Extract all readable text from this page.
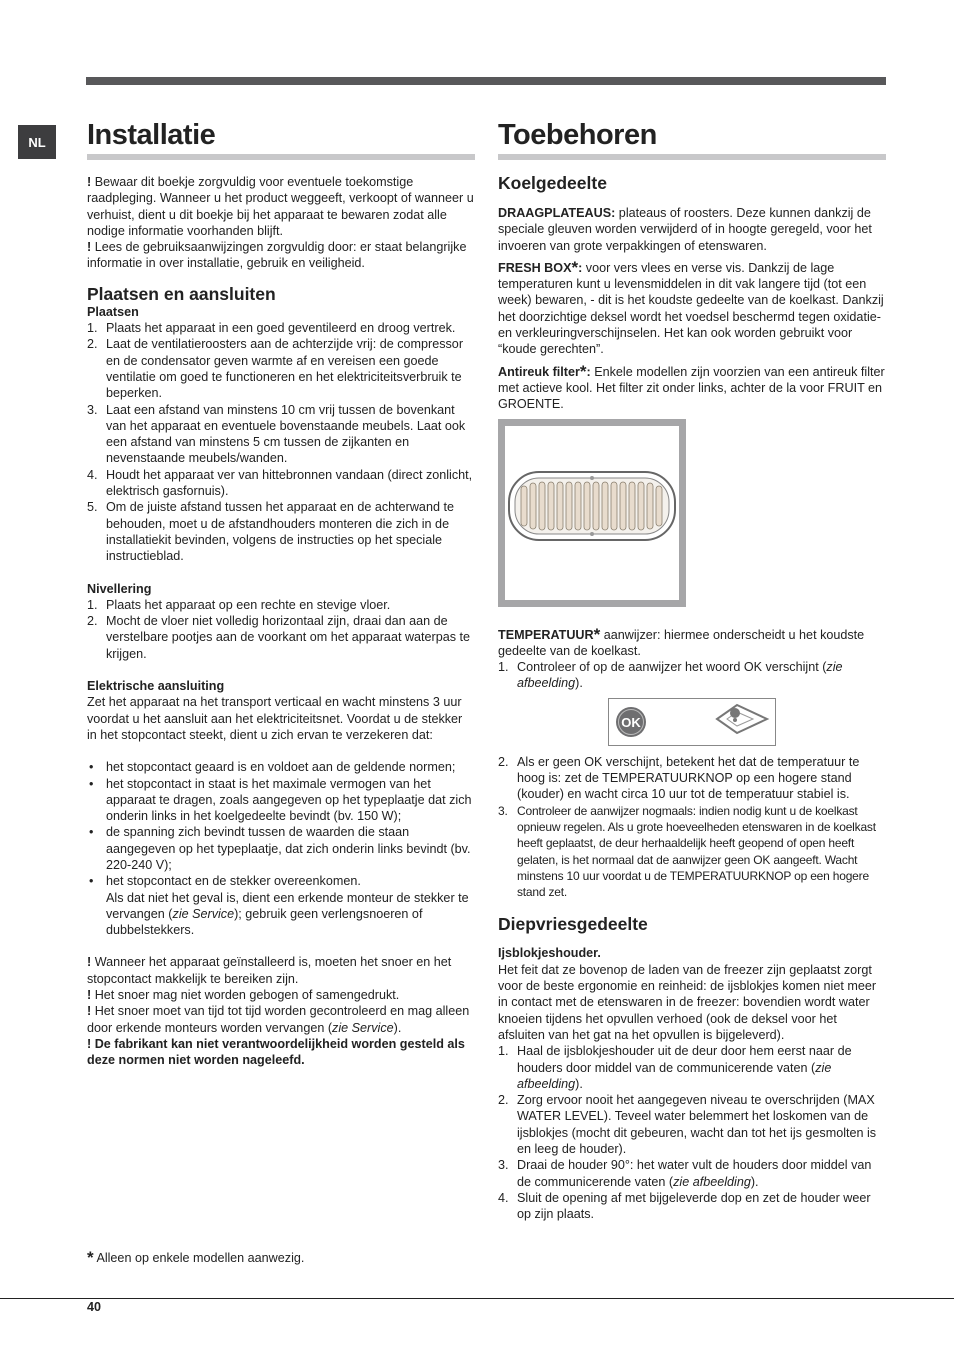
NL	Installatie

! Bewaar dit boekje zorgvuldig voor eventuele toekomstige raadpleging. Wanneer u het product weggeeft, verkoopt of wanneer u verhuist, dient u dit boekje bij het apparaat te bewaren zodat alle nodige informatie voorhanden blijft.

! Lees de gebruiksaanwijzingen zorgvuldig door: er staat belangrijke informatie in over installatie, gebruik en veiligheid.

Plaatsen en aansluiten
Plaatsen
1. Plaats het apparaat in een goed geventileerd en droog vertrek.
2. Laat de ventilatieroosters aan de achterzijde vrij: de compressor en de condensator geven warmte af en vereisen een goede ventilatie om goed te functioneren en het elektriciteitsverbruik te beperken.
3. Laat een afstand van minstens 10 cm vrij tussen de bovenkant van het apparaat en eventuele bovenstaande meubels. Laat ook een afstand van minstens 5 cm tussen de zijkanten en nevenstaande meubels/wanden.
4. Houdt het apparaat ver van hittebronnen vandaan (direct zonlicht, elektrisch gasfornuis).
5. Om de juiste afstand tussen het apparaat en de achterwand te behouden, moet u de afstandhouders monteren die zich in de installatiekit bevinden, volgens de instructies op het speciale instructieblad.
Nivellering
1. Plaats het apparaat op een rechte en stevige vloer.
2. Mocht de vloer niet volledig horizontaal zijn, draai dan aan de verstelbare pootjes aan de voorkant om het apparaat waterpas te krijgen.
Elektrische aansluiting

Zet het apparaat na het transport verticaal en wacht minstens 3 uur voordat u het aansluit aan het elektriciteitsnet. Voordat u de stekker in het stopcontact steekt, dient u zich ervan te verzekeren dat:

• het stopcontact geaard is en voldoet aan de geldende normen;
• het stopcontact in staat is het maximale vermogen van het apparaat te dragen, zoals aangegeven op het typeplaatje dat zich onderin links in het koelgedeelte bevindt (bv. 150 W);
• de spanning zich bevindt tussen de waarden die staan aangegeven op het typeplaatje, dat zich onderin links bevindt (bv. 220-240 V);
• het stopcontact en de stekker overeenkomen.
Als dat niet het geval is, dient een erkende monteur de stekker te vervangen (zie Service); gebruik geen verlengsnoeren of dubbelstekkers.

! Wanneer het apparaat geïnstalleerd is, moeten het snoer en het stopcontact makkelijk te bereiken zijn.

! Het snoer mag niet worden gebogen of samengedrukt.

! Het snoer moet van tijd tot tijd worden gecontroleerd en mag alleen door erkende monteurs worden vervangen (zie Service).

! De fabrikant kan niet verantwoordelijkheid worden gesteld als deze normen niet worden nageleefd.

Toebehoren
Koelgedeelte

DRAAGPLATEAUS: plateaus of roosters. Deze kunnen dankzij de speciale gleuven worden verwijderd of in hoogte geregeld, voor het invoeren van grote verpakkingen of etenswaren.

FRESH BOX*: voor vers vlees en verse vis. Dankzij de lage temperaturen kunt u levensmiddelen in dit vak langere tijd (tot een week) bewaren, - dit is het koudste gedeelte van de koelkast. Dankzij het doorzichtige deksel wordt het voedsel beschermd tegen oxidatie- en verkleuringverschijnselen. Het kan ook worden gebruikt voor “koude gerechten”.

Antireuk filter*: Enkele modellen zijn voorzien van een antireuk filter met actieve kool. Het filter zit onder links, achter de la voor FRUIT en GROENTE.

TEMPERATUUR* aanwijzer: hiermee onderscheidt u het koudste gedeelte van de koelkast.

1. Controleer of op de aanwijzer het woord OK verschijnt (zie afbeelding).
OK
2. Als er geen OK verschijnt, betekent het dat de temperatuur te hoog is: zet de TEMPERATUURKNOP op een hogere stand (kouder) en wacht circa 10 uur tot de temperatuur stabiel is.
3. Controleer de aanwijzer nogmaals: indien nodig kunt u de koelkast opnieuw regelen. Als u grote hoeveelheden etenswaren in de koelkast heeft geplaatst, de deur herhaaldelijk heeft geopend of open heeft gelaten, is het normaal dat de aanwijzer geen OK aangeeft. Wacht minstens 10 uur voordat u de TEMPERATUURKNOP op een hogere stand zet.
Diepvriesgedeelte
Ijsblokjeshouder.

Het feit dat ze bovenop de laden van de freezer zijn geplaatst zorgt voor de beste ergonomie en reinheid: de ijsblokjes komen niet meer in contact met de etenswaren in de freezer: bovendien wordt water knoeien tijdens het opvullen verhoed (ook de deksel voor het afsluiten van het gat na het opvullen is bijgeleverd).

1. Haal de ijsblokjeshouder uit de deur door hem eerst naar de houders door middel van de communicerende vaten (zie afbeelding).
2. Zorg ervoor nooit het aangegeven niveau te overschrijden (MAX WATER LEVEL). Teveel water belemmert het loskomen van de ijsblokjes (mocht dit gebeuren, wacht dan tot het ijs gesmolten is en leeg de houder).
3. Draai de houder 90°: het water vult de houders door middel van de communicerende vaten (zie afbeelding).
4. Sluit de opening af met bijgeleverde dop en zet de houder weer op zijn plaats.
* Alleen op enkele modellen aanwezig.
40
